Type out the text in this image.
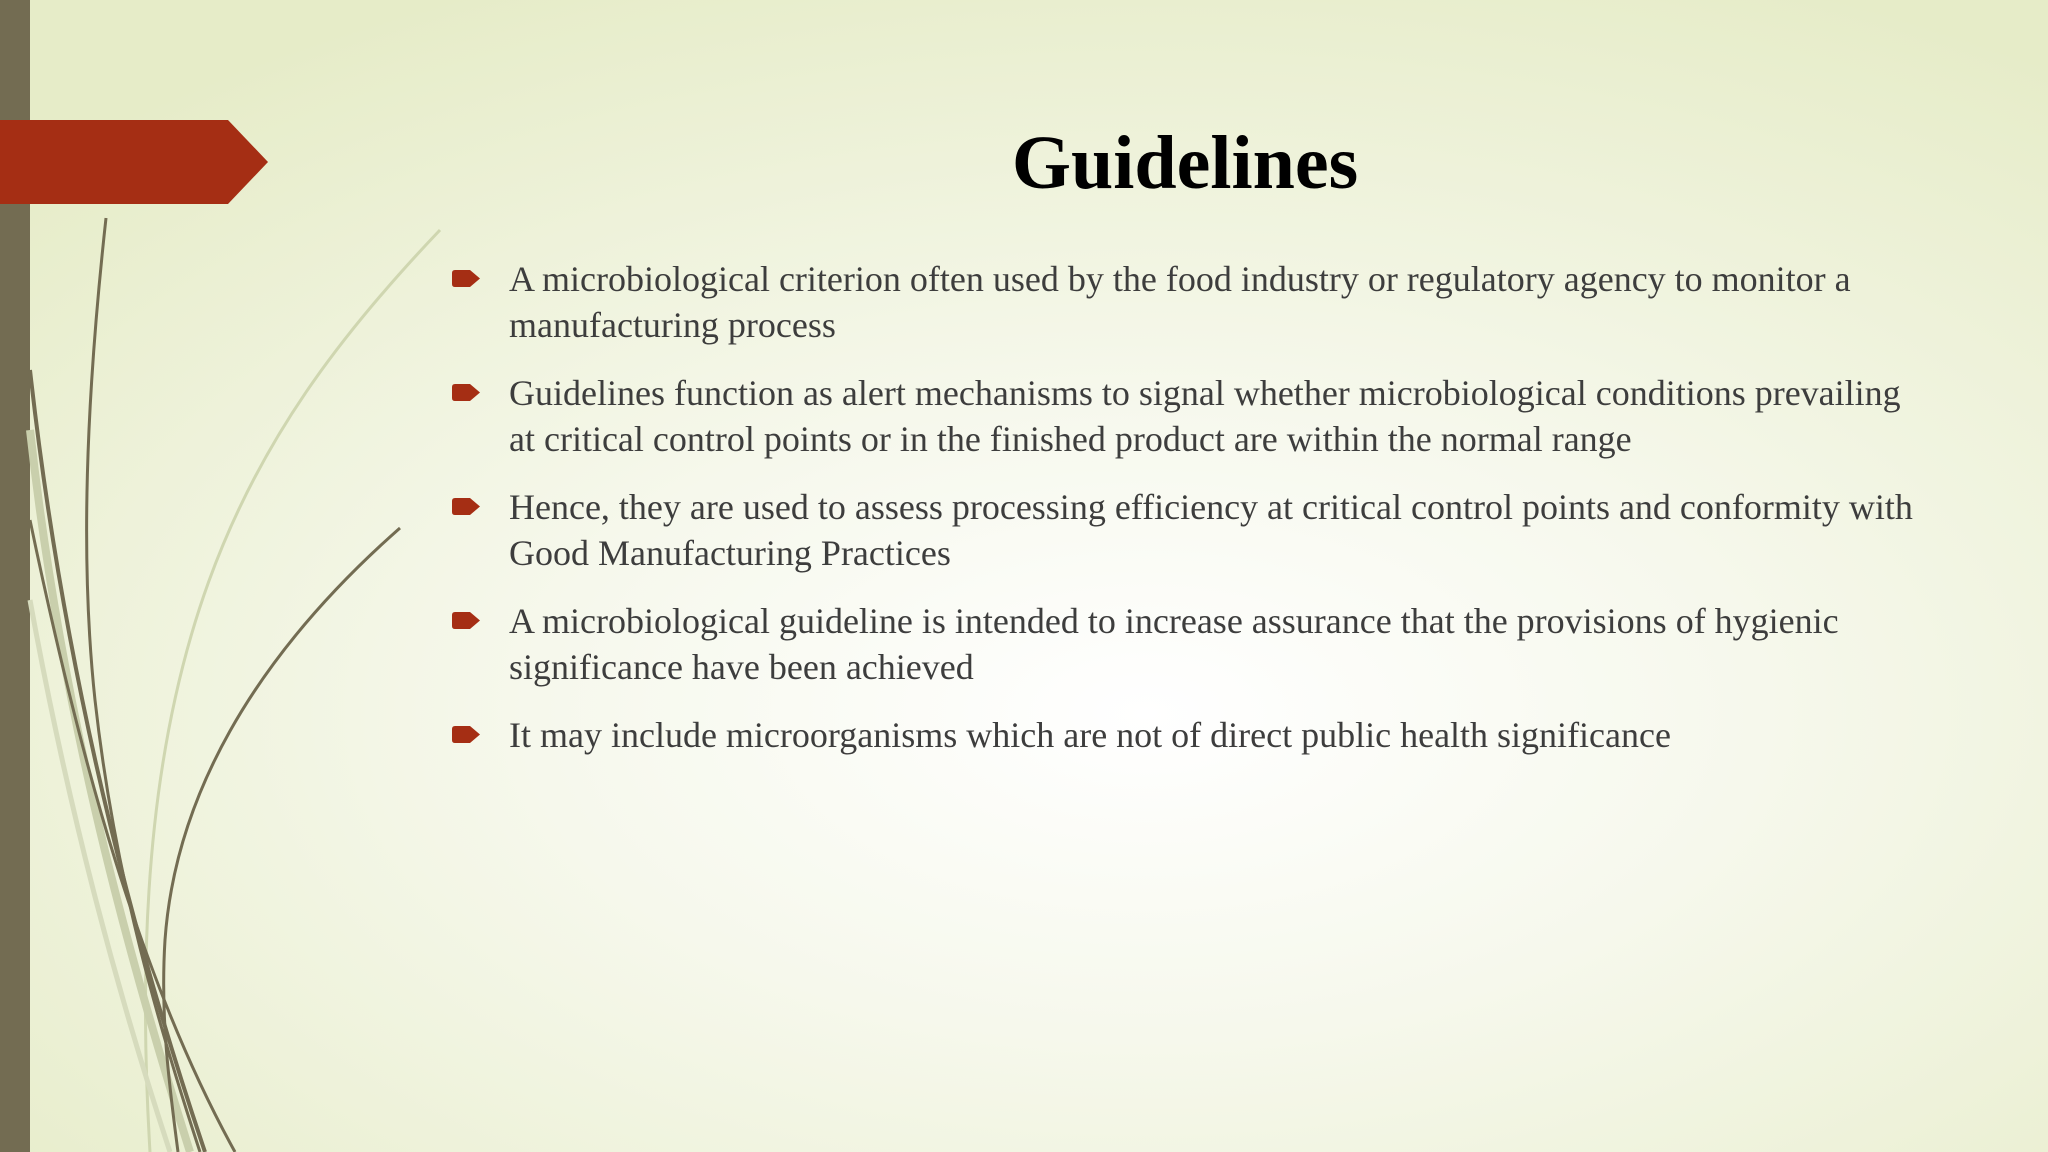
Guidelines
A microbiological criterion often used by the food industry or regulatory agency to monitor a manufacturing process
Guidelines function as alert mechanisms to signal whether microbiological conditions prevailing at critical control points or in the finished product are within the normal range
Hence, they are used to assess processing efficiency at critical control points and conformity with Good Manufacturing Practices
A microbiological guideline is intended to increase assurance that the provisions of hygienic significance have been achieved
It may include microorganisms which are not of direct public health significance
